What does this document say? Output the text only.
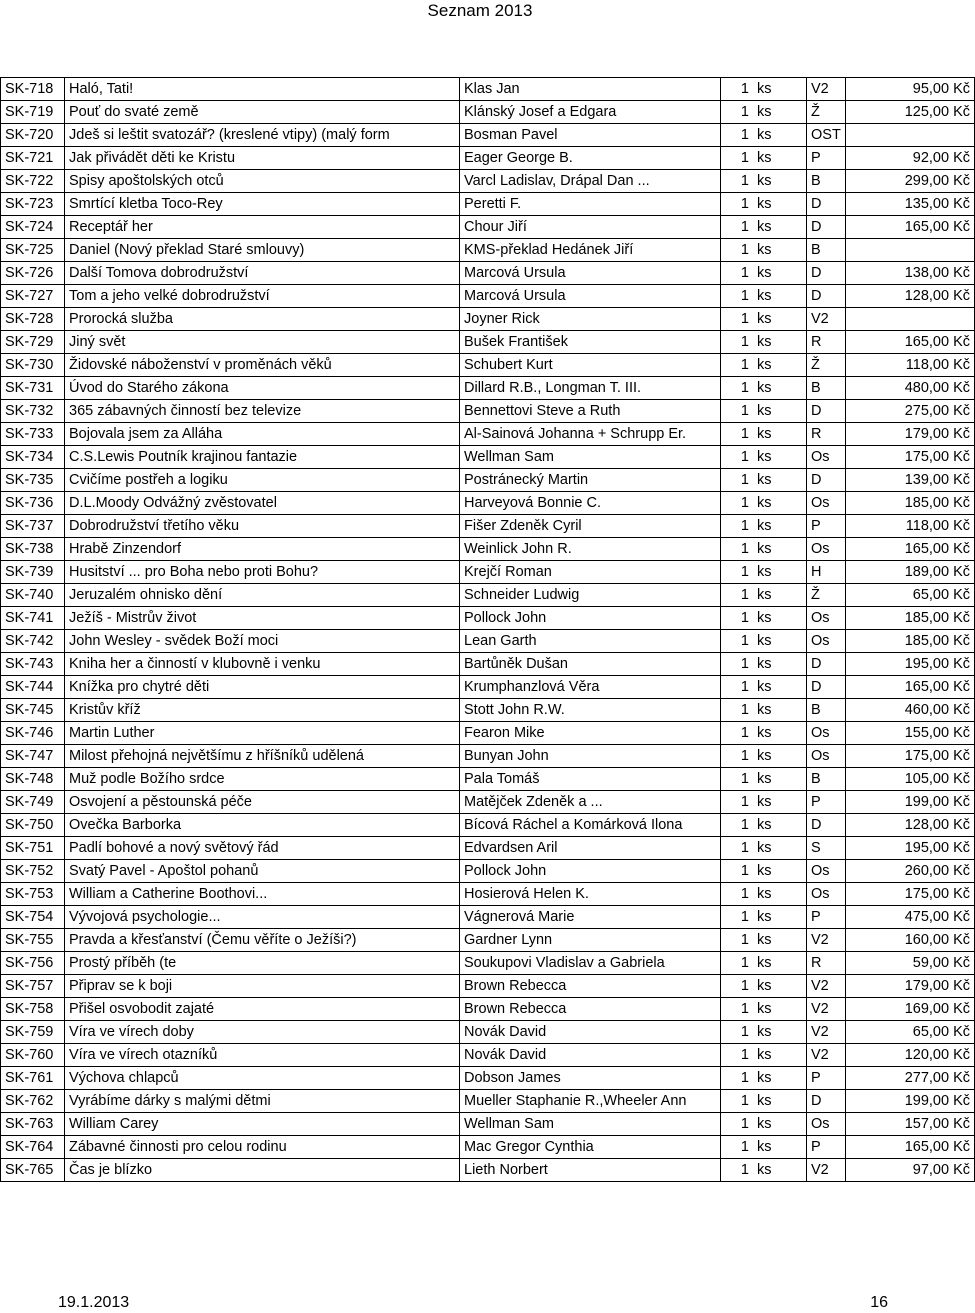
Seznam 2013
SK-718	Haló, Tati!	Klas Jan	1	ks	V2	95,00 Kč
SK-719	Pouť do svaté země	Klánský Josef a Edgara	1	ks	Ž	125,00 Kč
SK-720	Jdeš si leštit svatozář? (kreslené vtipy) (malý form	Bosman Pavel	1	ks	OST	
SK-721	Jak přivádět děti ke Kristu	Eager George B.	1	ks	P	92,00 Kč
SK-722	Spisy apoštolských otců	Varcl Ladislav, Drápal Dan ...	1	ks	B	299,00 Kč
SK-723	Smrtící kletba Toco-Rey	Peretti F.	1	ks	D	135,00 Kč
SK-724	Receptář her	Chour Jiří	1	ks	D	165,00 Kč
SK-725	Daniel (Nový překlad Staré smlouvy)	KMS-překlad Hedánek Jiří	1	ks	B	
SK-726	Další Tomova dobrodružství	Marcová Ursula	1	ks	D	138,00 Kč
SK-727	Tom a jeho velké dobrodružství	Marcová Ursula	1	ks	D	128,00 Kč
SK-728	Prorocká služba	Joyner Rick	1	ks	V2	
SK-729	Jiný svět	Bušek František	1	ks	R	165,00 Kč
SK-730	Židovské náboženství v proměnách věků	Schubert Kurt	1	ks	Ž	118,00 Kč
SK-731	Úvod do Starého zákona	Dillard R.B., Longman T. III.	1	ks	B	480,00 Kč
SK-732	365 zábavných činností bez televize	Bennettovi Steve a Ruth	1	ks	D	275,00 Kč
SK-733	Bojovala jsem za Alláha	Al-Sainová Johanna + Schrupp Er.	1	ks	R	179,00 Kč
SK-734	C.S.Lewis Poutník krajinou fantazie	Wellman Sam	1	ks	Os	175,00 Kč
SK-735	Cvičíme postřeh a logiku	Postránecký Martin	1	ks	D	139,00 Kč
SK-736	D.L.Moody Odvážný zvěstovatel	Harveyová Bonnie C.	1	ks	Os	185,00 Kč
SK-737	Dobrodružství třetího věku	Fišer Zdeněk Cyril	1	ks	P	118,00 Kč
SK-738	Hrabě Zinzendorf	Weinlick John R.	1	ks	Os	165,00 Kč
SK-739	Husitství ... pro Boha nebo proti Bohu?	Krejčí Roman	1	ks	H	189,00 Kč
SK-740	Jeruzalém ohnisko dění	Schneider Ludwig	1	ks	Ž	65,00 Kč
SK-741	Ježíš - Mistrův život	Pollock John	1	ks	Os	185,00 Kč
SK-742	John Wesley - svědek Boží moci	Lean Garth	1	ks	Os	185,00 Kč
SK-743	Kniha her a činností v klubovně i venku	Bartůněk Dušan	1	ks	D	195,00 Kč
SK-744	Knížka pro chytré děti	Krumphanzlová Věra	1	ks	D	165,00 Kč
SK-745	Kristův kříž	Stott John R.W.	1	ks	B	460,00 Kč
SK-746	Martin Luther	Fearon Mike	1	ks	Os	155,00 Kč
SK-747	Milost přehojná největšímu z hříšníků udělená	Bunyan John	1	ks	Os	175,00 Kč
SK-748	Muž podle Božího srdce	Pala Tomáš	1	ks	B	105,00 Kč
SK-749	Osvojení a pěstounská péče	Matějček Zdeněk a ...	1	ks	P	199,00 Kč
SK-750	Ovečka Barborka	Bícová Ráchel a Komárková Ilona	1	ks	D	128,00 Kč
SK-751	Padlí bohové a nový světový řád	Edvardsen Aril	1	ks	S	195,00 Kč
SK-752	Svatý Pavel - Apoštol pohanů	Pollock John	1	ks	Os	260,00 Kč
SK-753	William a Catherine Boothovi...	Hosierová Helen K.	1	ks	Os	175,00 Kč
SK-754	Vývojová psychologie...	Vágnerová Marie	1	ks	P	475,00 Kč
SK-755	Pravda a křesťanství (Čemu věříte o Ježíši?)	Gardner Lynn	1	ks	V2	160,00 Kč
SK-756	Prostý příběh (te	Soukupovi Vladislav a Gabriela	1	ks	R	59,00 Kč
SK-757	Připrav se k boji	Brown Rebecca	1	ks	V2	179,00 Kč
SK-758	Přišel osvobodit zajaté	Brown Rebecca	1	ks	V2	169,00 Kč
SK-759	Víra ve vírech doby	Novák David	1	ks	V2	65,00 Kč
SK-760	Víra ve vírech otazníků	Novák David	1	ks	V2	120,00 Kč
SK-761	Výchova chlapců	Dobson James	1	ks	P	277,00 Kč
SK-762	Vyrábíme dárky s malými dětmi	Mueller Staphanie R.,Wheeler Ann	1	ks	D	199,00 Kč
SK-763	William Carey	Wellman Sam	1	ks	Os	157,00 Kč
SK-764	Zábavné činnosti pro celou rodinu	Mac Gregor Cynthia	1	ks	P	165,00 Kč
SK-765	Čas je blízko	Lieth Norbert	1	ks	V2	97,00 Kč
19.1.2013	16
